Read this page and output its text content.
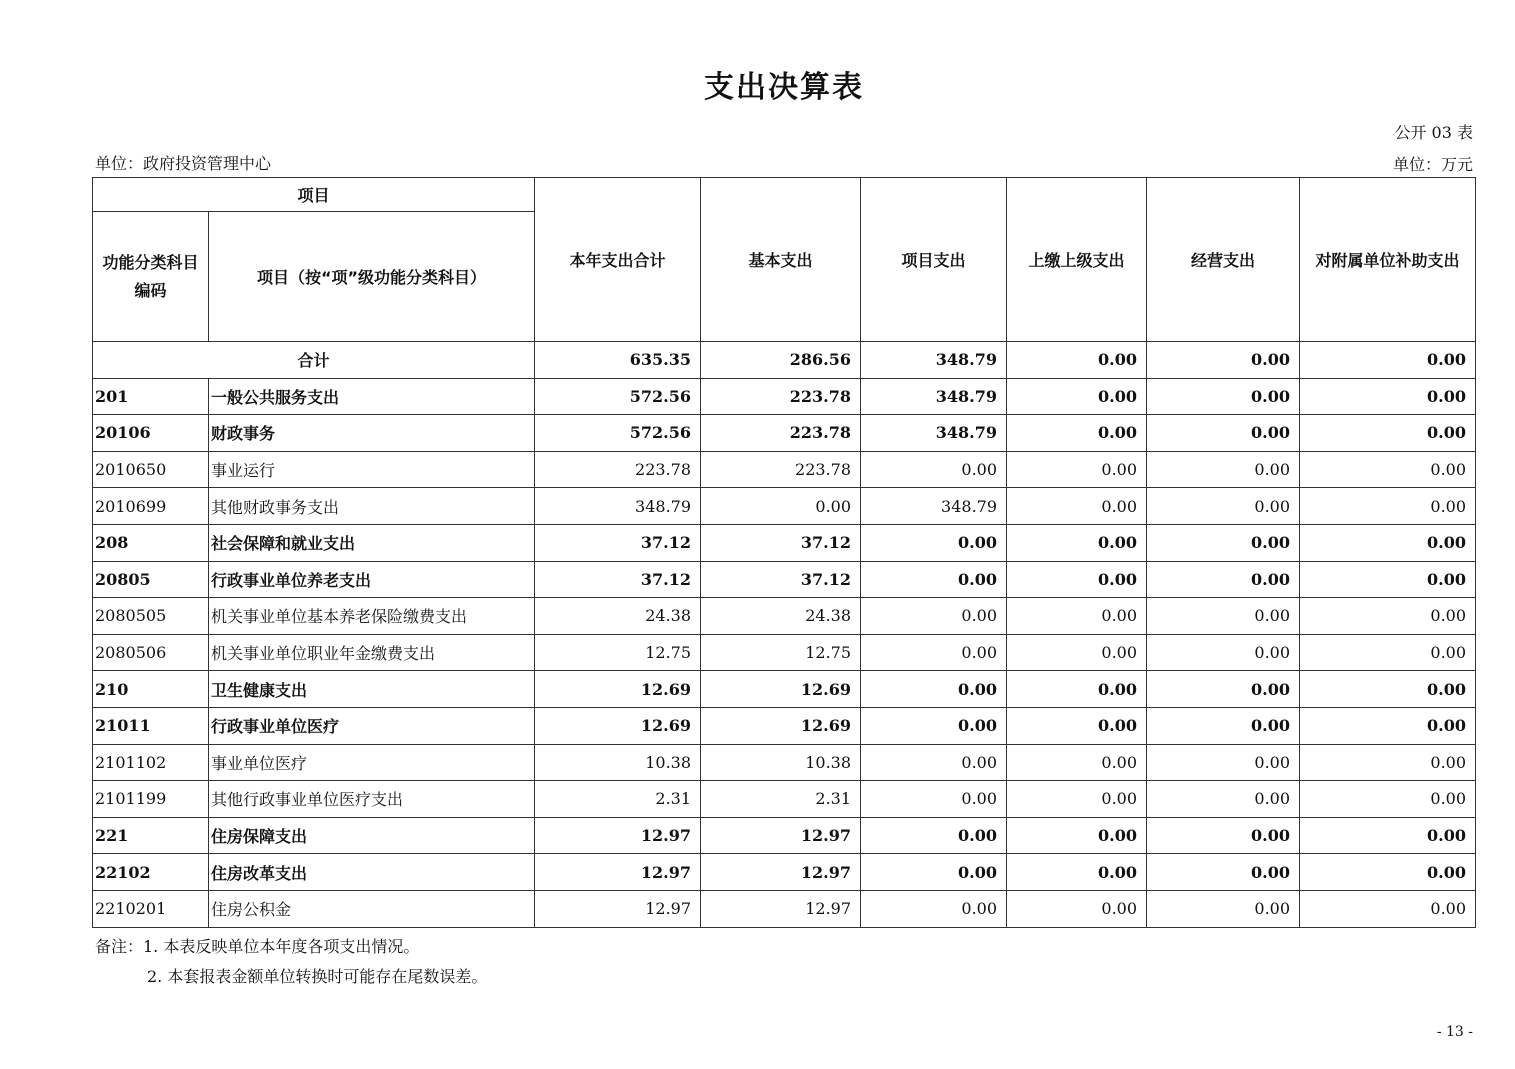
支出决算表
公开 03 表
单位：政府投资管理中心	单位：万元
项目		本年支出合计	基本支出	项目支出	上缴上级支出	经营支出	对附属单位补助支出
功能分类科目编码	项目（按“项”级功能分类科目）						
合计		635.35	286.56	348.79	0.00	0.00	0.00
201	一般公共服务支出	572.56	223.78	348.79	0.00	0.00	0.00
20106	财政事务	572.56	223.78	348.79	0.00	0.00	0.00
2010650	事业运行	223.78	223.78	0.00	0.00	0.00	0.00
2010699	其他财政事务支出	348.79	0.00	348.79	0.00	0.00	0.00
208	社会保障和就业支出	37.12	37.12	0.00	0.00	0.00	0.00
20805	行政事业单位养老支出	37.12	37.12	0.00	0.00	0.00	0.00
2080505	机关事业单位基本养老保险缴费支出	24.38	24.38	0.00	0.00	0.00	0.00
2080506	机关事业单位职业年金缴费支出	12.75	12.75	0.00	0.00	0.00	0.00
210	卫生健康支出	12.69	12.69	0.00	0.00	0.00	0.00
21011	行政事业单位医疗	12.69	12.69	0.00	0.00	0.00	0.00
2101102	事业单位医疗	10.38	10.38	0.00	0.00	0.00	0.00
2101199	其他行政事业单位医疗支出	2.31	2.31	0.00	0.00	0.00	0.00
221	住房保障支出	12.97	12.97	0.00	0.00	0.00	0.00
22102	住房改革支出	12.97	12.97	0.00	0.00	0.00	0.00
2210201	住房公积金	12.97	12.97	0.00	0.00	0.00	0.00
备注：1. 本表反映单位本年度各项支出情况。
2. 本套报表金额单位转换时可能存在尾数误差。
- 13 -
